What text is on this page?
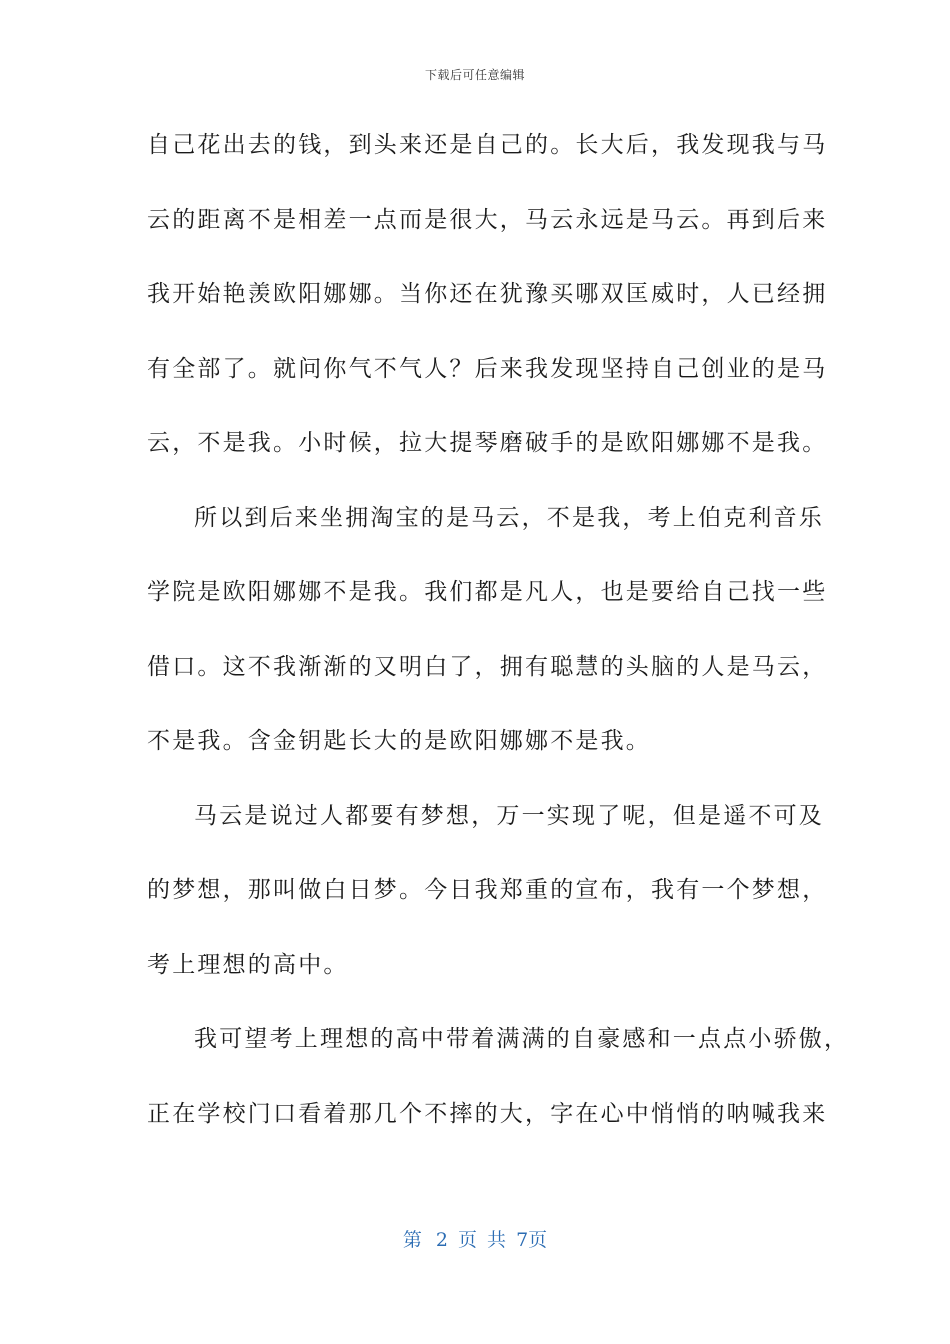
下载后可任意编辑
自己花出去的钱，到头来还是自己的。长大后，我发现我与马
云的距离不是相差一点而是很大，马云永远是马云。再到后来
我开始艳羡欧阳娜娜。当你还在犹豫买哪双匡威时，人已经拥
有全部了。就问你气不气人？后来我发现坚持自己创业的是马
云，不是我。小时候，拉大提琴磨破手的是欧阳娜娜不是我。
所以到后来坐拥淘宝的是马云，不是我，考上伯克利音乐
学院是欧阳娜娜不是我。我们都是凡人，也是要给自己找一些
借口。这不我渐渐的又明白了，拥有聪慧的头脑的人是马云，
不是我。含金钥匙长大的是欧阳娜娜不是我。
马云是说过人都要有梦想，万一实现了呢，但是遥不可及
的梦想，那叫做白日梦。今日我郑重的宣布，我有一个梦想，
考上理想的高中。
我可望考上理想的高中带着满满的自豪感和一点点小骄傲，
正在学校门口看着那几个不摔的大，字在心中悄悄的呐喊我来
第 2 页 共 7页
